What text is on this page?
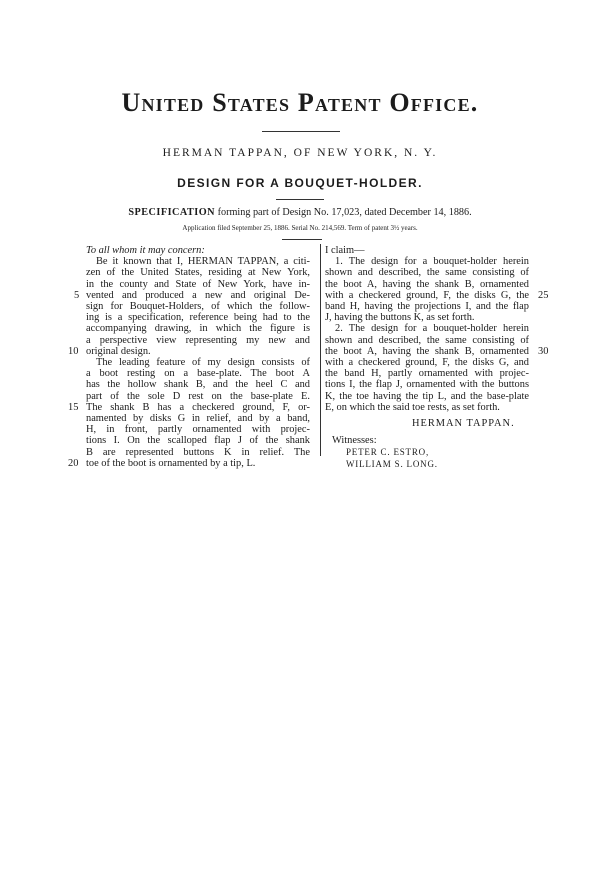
United States Patent Office.
HERMAN TAPPAN, OF NEW YORK, N. Y.
DESIGN FOR A BOUQUET-HOLDER.
SPECIFICATION forming part of Design No. 17,023, dated December 14, 1886.
Application filed September 25, 1886. Serial No. 214,569. Term of patent 3½ years.
To all whom it may concern:
Be it known that I, HERMAN TAPPAN, a citi-
zen of the United States, residing at New York,
in the county and State of New York, have in-
vented and produced a new and original De-
sign for Bouquet-Holders, of which the follow-
ing is a specification, reference being had to the
accompanying drawing, in which the figure is
a perspective view representing my new and
original design.
The leading feature of my design consists of
a boot resting on a base-plate. The boot A
has the hollow shank B, and the heel C and
part of the sole D rest on the base-plate E.
The shank B has a checkered ground, F, or-
namented by disks G in relief, and by a band,
H, in front, partly ornamented with projec-
tions I. On the scalloped flap J of the shank
B are represented buttons K in relief. The
toe of the boot is ornamented by a tip, L.
5
10
15
20
I claim—
1. The design for a bouquet-holder herein
shown and described, the same consisting of
the boot A, having the shank B, ornamented
with a checkered ground, F, the disks G, the
band H, having the projections I, and the flap
J, having the buttons K, as set forth.
2. The design for a bouquet-holder herein
shown and described, the same consisting of
the boot A, having the shank B, ornamented
with a checkered ground, F, the disks G, and
the band H, partly ornamented with projec-
tions I, the flap J, ornamented with the buttons
K, the toe having the tip L, and the base-plate
E, on which the said toe rests, as set forth.
25
30
HERMAN TAPPAN.
Witnesses:
PETER C. ESTRO,
WILLIAM S. LONG.
